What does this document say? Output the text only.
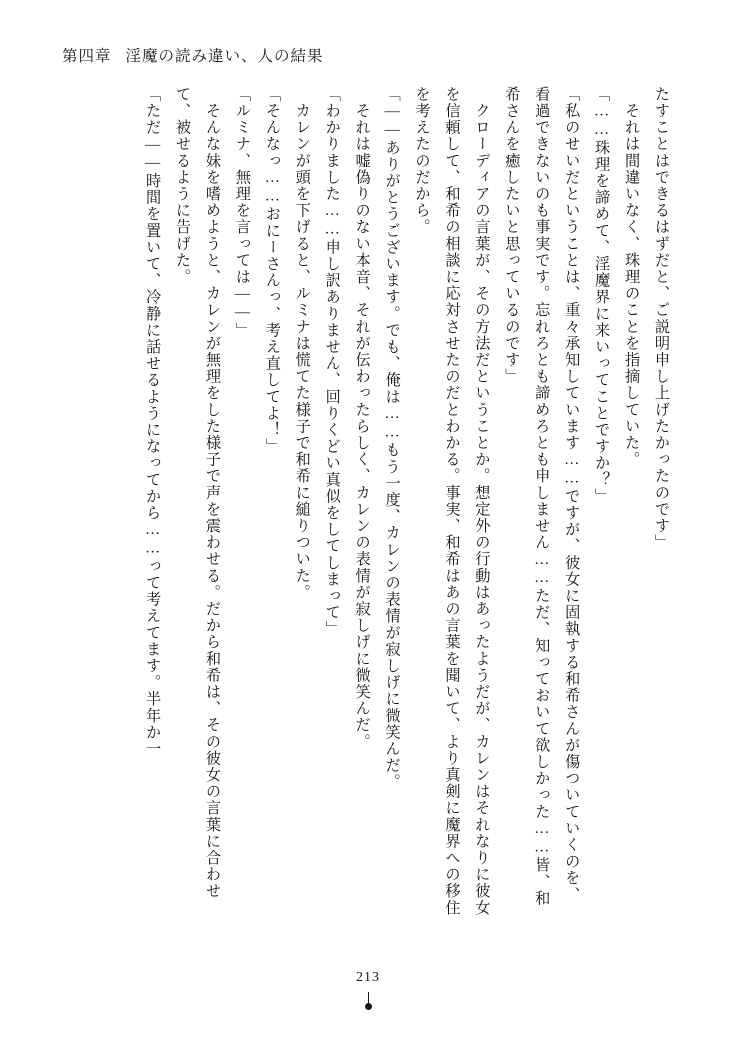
第四章 淫魔の読み違い、人の結果

たすことはできるはずだと、ご説明申し上げたかったのです」

　それは間違いなく、珠理のことを指摘していた。

「……珠理を諦めて、淫魔界に来いってことですか？」

「私のせいだということは、重々承知しています……ですが、彼女に固執する和希さんが傷ついていくのを、看過できないのも事実です。忘れろとも諦めろとも申しません……ただ、知っておいて欲しかった……皆、和希さんを癒したいと思っているのです」

　クローディアの言葉が、その方法だということか。想定外の行動はあったようだが、カレンはそれなりに彼女を信頼して、和希の相談に応対させたのだとわかる。事実、和希はあの言葉を聞いて、より真剣に魔界への移住を考えたのだから。

「——ありがとうございます。でも、俺は……もう一度、カレンの表情が寂しげに微笑んだ。

　それは嘘偽りのない本音、それが伝わったらしく、カレンの表情が寂しげに微笑んだ。

「わかりました……申し訳ありません、回りくどい真似をしてしまって」

　カレンが頭を下げると、ルミナは慌てた様子で和希に縋りついた。

「そんなっ……おにーさんっ、考え直してよ！」

「ルミナ、無理を言っては——」

　そんな妹を嗜めようと、カレンが無理をした様子で声を震わせる。だから和希は、その彼女の言葉に合わせて、被せるように告げた。

「ただ——時間を置いて、冷静に話せるようになってから……って考えてます。半年か一

213
